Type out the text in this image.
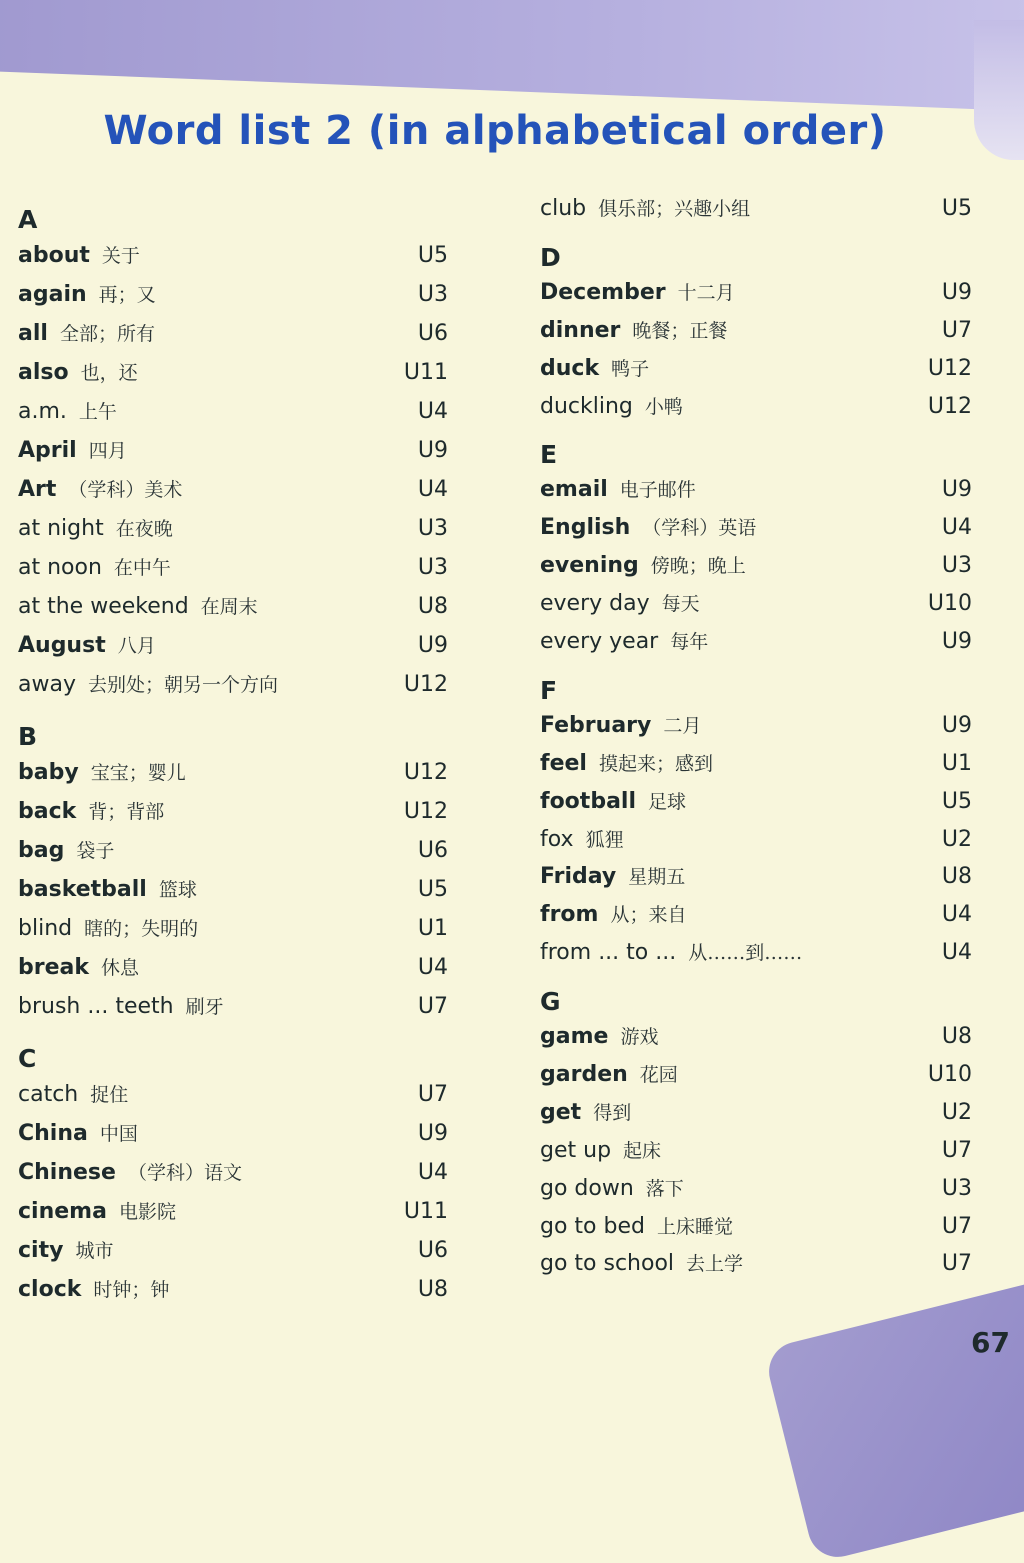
Word list 2 (in alphabetical order)
A
about 关于	U5
again 再；又	U3
all 全部；所有	U6
also 也，还	U11
a.m. 上午	U4
April 四月	U9
Art （学科）美术	U4
at night 在夜晚	U3
at noon 在中午	U3
at the weekend 在周末	U8
August 八月	U9
away 去别处；朝另一个方向	U12
B
baby 宝宝；婴儿	U12
back 背；背部	U12
bag 袋子	U6
basketball 篮球	U5
blind 瞎的；失明的	U1
break 休息	U4
brush ... teeth 刷牙	U7
C
catch 捉住	U7
China 中国	U9
Chinese （学科）语文	U4
cinema 电影院	U11
city 城市	U6
clock 时钟；钟	U8
club 俱乐部；兴趣小组	U5
D
December 十二月	U9
dinner 晚餐；正餐	U7
duck 鸭子	U12
duckling 小鸭	U12
E
email 电子邮件	U9
English （学科）英语	U4
evening 傍晚；晚上	U3
every day 每天	U10
every year 每年	U9
F
February 二月	U9
feel 摸起来；感到	U1
football 足球	U5
fox 狐狸	U2
Friday 星期五	U8
from 从；来自	U4
from ... to ... 从……到……	U4
G
game 游戏	U8
garden 花园	U10
get 得到	U2
get up 起床	U7
go down 落下	U3
go to bed 上床睡觉	U7
go to school 去上学	U7
67
